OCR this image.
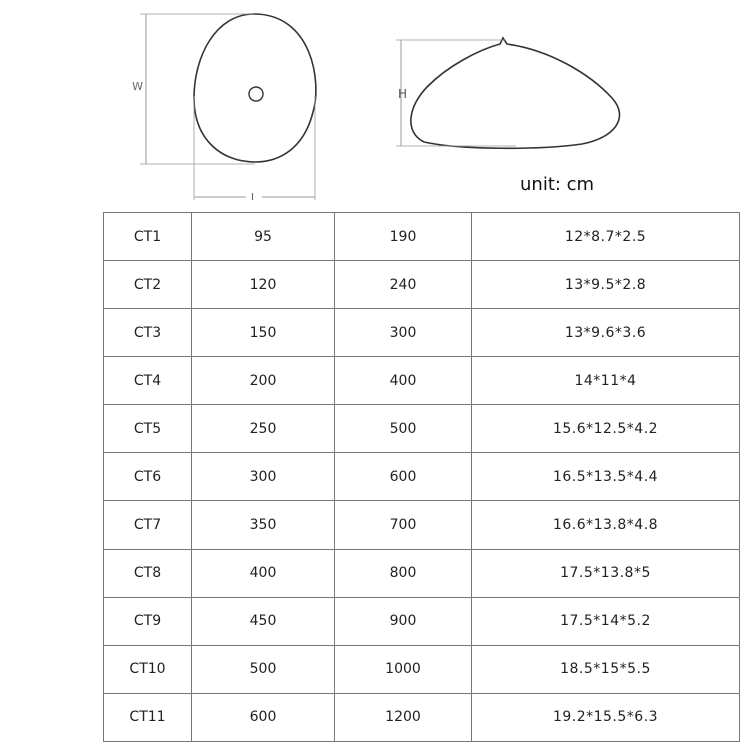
W
L
H
unit: cm
CT1	95	190	12*8.7*2.5
CT2	120	240	13*9.5*2.8
CT3	150	300	13*9.6*3.6
CT4	200	400	14*11*4
CT5	250	500	15.6*12.5*4.2
CT6	300	600	16.5*13.5*4.4
CT7	350	700	16.6*13.8*4.8
CT8	400	800	17.5*13.8*5
CT9	450	900	17.5*14*5.2
CT10	500	1000	18.5*15*5.5
CT11	600	1200	19.2*15.5*6.3
